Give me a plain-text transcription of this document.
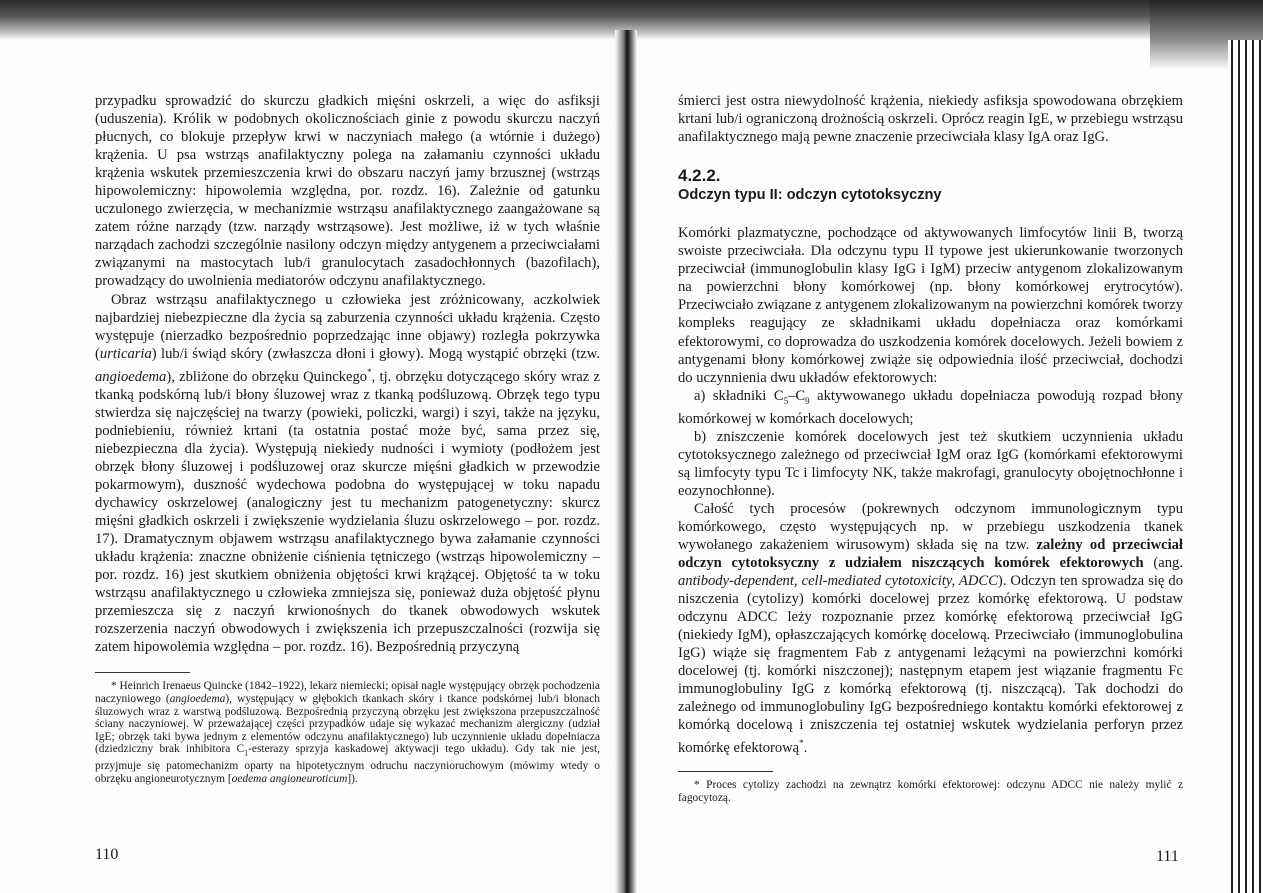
przypadku sprowadzić do skurczu gładkich mięśni oskrzeli, a więc do asfiksji (uduszenia). Królik w podobnych okolicznościach ginie z powodu skurczu naczyń płucnych, co blokuje przepływ krwi w naczyniach małego (a wtórnie i dużego) krążenia. U psa wstrząs anafilaktyczny polega na załamaniu czynności układu krążenia wskutek przemieszczenia krwi do obszaru naczyń jamy brzusznej (wstrząs hipowolemiczny: hipowolemia względna, por. rozdz. 16). Zależnie od gatunku uczulonego zwierzęcia, w mechanizmie wstrząsu anafilaktycznego zaangażowane są zatem różne narządy (tzw. narządy wstrząsowe). Jest możliwe, iż w tych właśnie narządach zachodzi szczególnie nasilony odczyn między antygenem a przeciwciałami związanymi na mastocytach lub/i granulocytach zasadochłonnych (bazofilach), prowadzący do uwolnienia mediatorów odczynu anafilaktycznego.

Obraz wstrząsu anafilaktycznego u człowieka jest zróżnicowany, aczkolwiek najbardziej niebezpieczne dla życia są zaburzenia czynności układu krążenia. Często występuje (nierzadko bezpośrednio poprzedzając inne objawy) rozległa pokrzywka (urticaria) lub/i świąd skóry (zwłaszcza dłoni i głowy). Mogą wystąpić obrzęki (tzw. angioedema), zbliżone do obrzęku Quinckego*, tj. obrzęku dotyczącego skóry wraz z tkanką podskórną lub/i błony śluzowej wraz z tkanką podśluzową. Obrzęk tego typu stwierdza się najczęściej na twarzy (powieki, policzki, wargi) i szyi, także na języku, podniebieniu, również krtani (ta ostatnia postać może być, sama przez się, niebezpieczna dla życia). Występują niekiedy nudności i wymioty (podłożem jest obrzęk błony śluzowej i podśluzowej oraz skurcze mięśni gładkich w przewodzie pokarmowym), duszność wydechowa podobna do występującej w toku napadu dychawicy oskrzelowej (analogiczny jest tu mechanizm patogenetyczny: skurcz mięśni gładkich oskrzeli i zwiększenie wydzielania śluzu oskrzelowego – por. rozdz. 17). Dramatycznym objawem wstrząsu anafilaktycznego bywa załamanie czynności układu krążenia: znaczne obniżenie ciśnienia tętniczego (wstrząs hipowolemiczny – por. rozdz. 16) jest skutkiem obniżenia objętości krwi krążącej. Objętość ta w toku wstrząsu anafilaktycznego u człowieka zmniejsza się, ponieważ duża objętość płynu przemieszcza się z naczyń krwionośnych do tkanek obwodowych wskutek rozszerzenia naczyń obwodowych i zwiększenia ich przepuszczalności (rozwija się zatem hipowolemia względna – por. rozdz. 16). Bezpośrednią przyczyną

* Heinrich Irenaeus Quincke (1842–1922), lekarz niemiecki; opisał nagle występujący obrzęk pochodzenia naczyniowego (angioedema), występujący w głębokich tkankach skóry i tkance podskórnej lub/i błonach śluzowych wraz z warstwą podśluzową. Bezpośrednią przyczyną obrzęku jest zwiększona przepuszczalność ściany naczyniowej. W przeważającej części przypadków udaje się wykazać mechanizm alergiczny (udział IgE; obrzęk taki bywa jednym z elementów odczynu anafilaktycznego) lub uczynnienie układu dopełniacza (dziedziczny brak inhibitora $C_1$-esterazy sprzyja kaskadowej aktywacji tego układu). Gdy tak nie jest, przyjmuje się patomechanizm oparty na hipotetycznym odruchu naczynioruchowym (mówimy wtedy o obrzęku angioneurotycznym [oedema angioneuroticum]).

110

śmierci jest ostra niewydolność krążenia, niekiedy asfiksja spowodowana obrzękiem krtani lub/i ograniczoną drożnością oskrzeli. Oprócz reagin IgE, w przebiegu wstrząsu anafilaktycznego mają pewne znaczenie przeciwciała klasy IgA oraz IgG.

4.2.2.
Odczyn typu II: odczyn cytotoksyczny

Komórki plazmatyczne, pochodzące od aktywowanych limfocytów linii B, tworzą swoiste przeciwciała. Dla odczynu typu II typowe jest ukierunkowanie tworzonych przeciwciał (immunoglobulin klasy IgG i IgM) przeciw antygenom zlokalizowanym na powierzchni błony komórkowej (np. błony komórkowej erytrocytów). Przeciwciało związane z antygenem zlokalizowanym na powierzchni komórek tworzy kompleks reagujący ze składnikami układu dopełniacza oraz komórkami efektorowymi, co doprowadza do uszkodzenia komórek docelowych. Jeżeli bowiem z antygenami błony komórkowej zwiąże się odpowiednia ilość przeciwciał, dochodzi do uczynnienia dwu układów efektorowych:

a) składniki $C_5-C_9$ aktywowanego układu dopełniacza powodują rozpad błony komórkowej w komórkach docelowych;

b) zniszczenie komórek docelowych jest też skutkiem uczynnienia układu cytotoksycznego zależnego od przeciwciał IgM oraz IgG (komórkami efektorowymi są limfocyty typu Tc i limfocyty NK, także makrofagi, granulocyty obojętnochłonne i eozynochłonne).

Całość tych procesów (pokrewnych odczynom immunologicznym typu komórkowego, często występujących np. w przebiegu uszkodzenia tkanek wywołanego zakażeniem wirusowym) składa się na tzw. zależny od przeciwciał odczyn cytotoksyczny z udziałem niszczących komórek efektorowych (ang. antibody-dependent, cell-mediated cytotoxicity, ADCC). Odczyn ten sprowadza się do niszczenia (cytolizy) komórki docelowej przez komórkę efektorową. U podstaw odczynu ADCC leży rozpoznanie przez komórkę efektorową przeciwciał IgG (niekiedy IgM), opłaszczających komórkę docelową. Przeciwciało (immunoglobulina IgG) wiąże się fragmentem Fab z antygenami leżącymi na powierzchni komórki docelowej (tj. komórki niszczonej); następnym etapem jest wiązanie fragmentu Fc immunoglobuliny IgG z komórką efektorową (tj. niszczącą). Tak dochodzi do zależnego od immunoglobuliny IgG bezpośredniego kontaktu komórki efektorowej z komórką docelową i zniszczenia tej ostatniej wskutek wydzielania perforyn przez komórkę efektorową*.

* Proces cytolizy zachodzi na zewnątrz komórki efektorowej: odczynu ADCC nie należy mylić z fagocytozą.

111
